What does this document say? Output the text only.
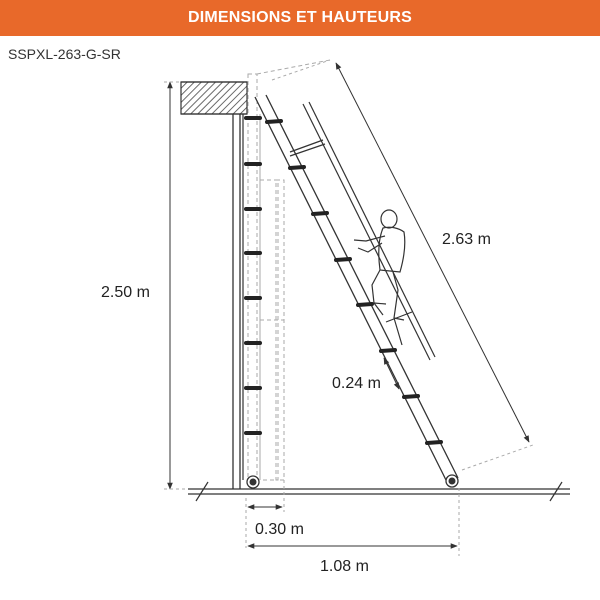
DIMENSIONS ET HAUTEURS
SSPXL-263-G-SR
2.50 m
2.63 m
0.24 m
0.30 m
1.08 m
